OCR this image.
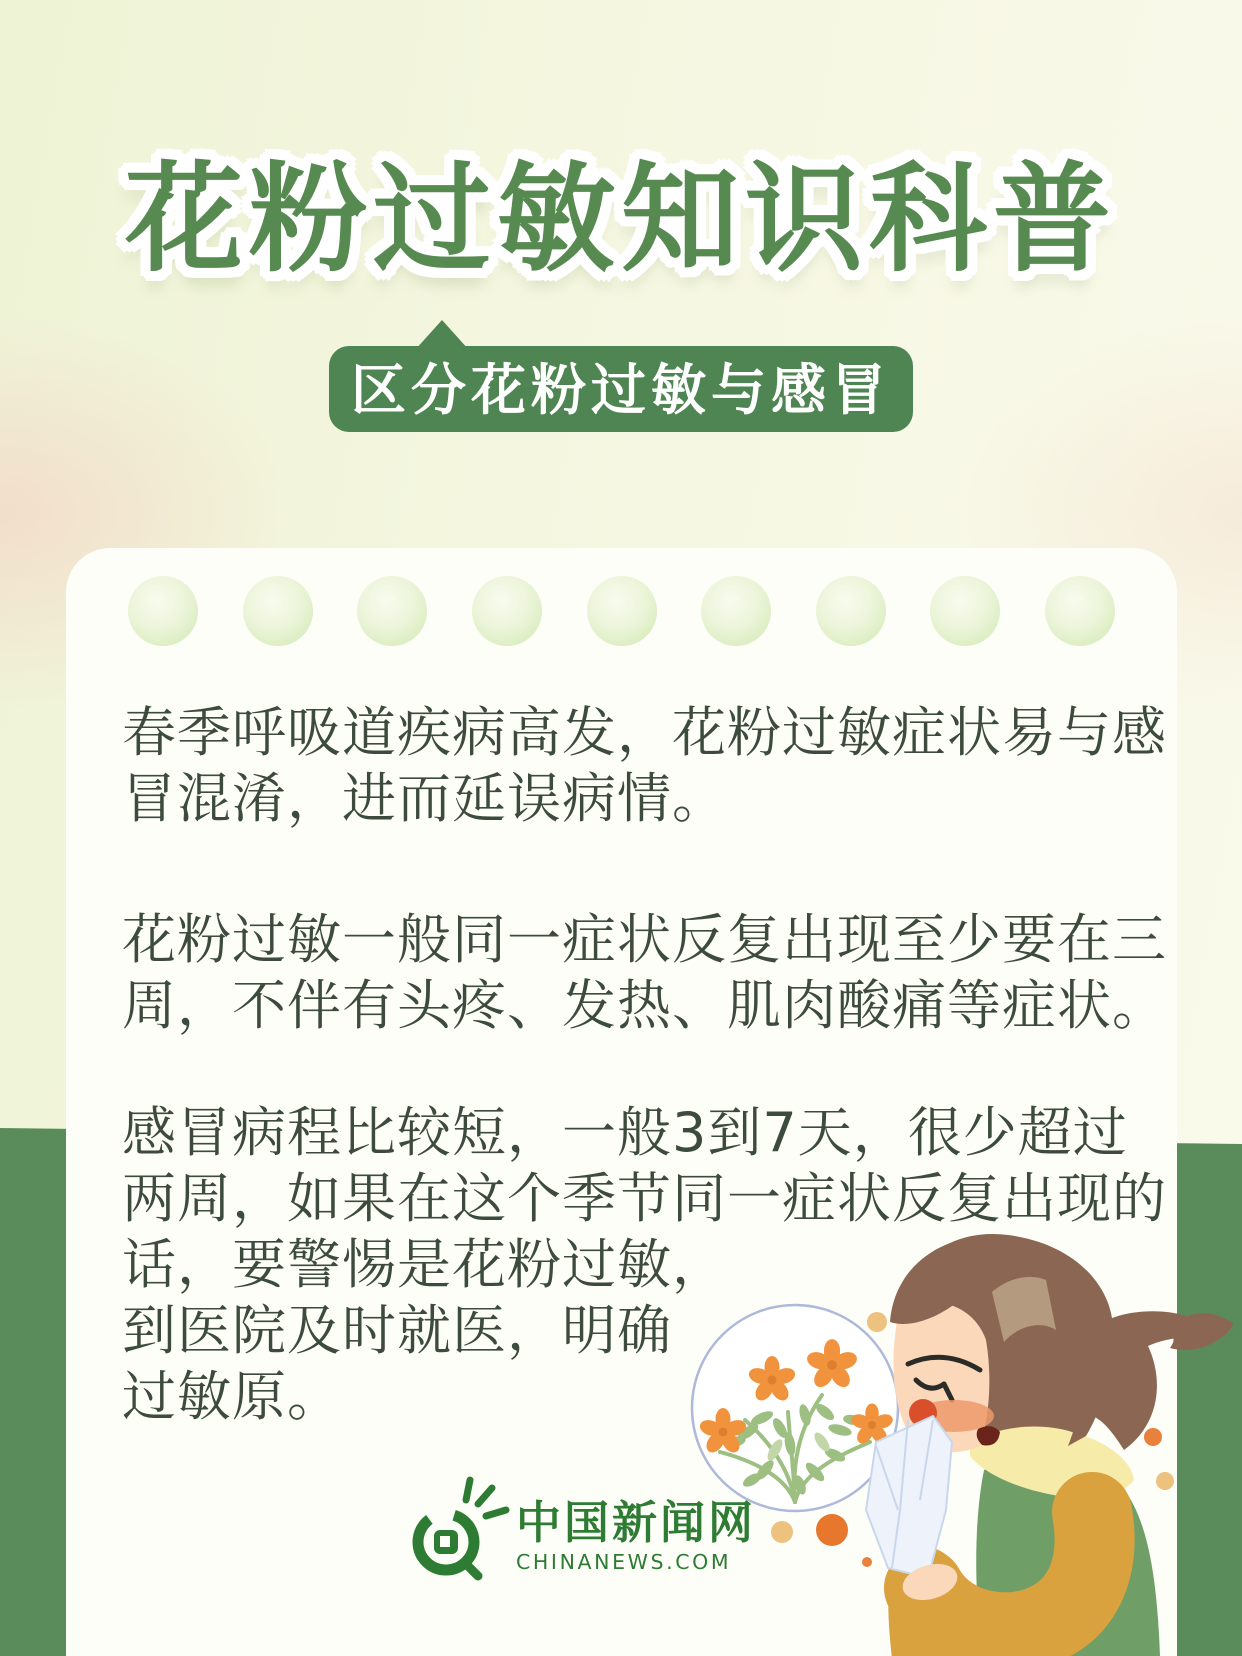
花粉过敏知识科普
区分花粉过敏与感冒
春季呼吸道疾病高发，花粉过敏症状易与感
冒混淆，进而延误病情。
花粉过敏一般同一症状反复出现至少要在三
周，不伴有头疼、发热、肌肉酸痛等症状。
感冒病程比较短，一般3到7天，很少超过
两周，如果在这个季节同一症状反复出现的
话，要警惕是花粉过敏，
到医院及时就医，明确
过敏原。
中国新闻网
CHINANEWS.COM
